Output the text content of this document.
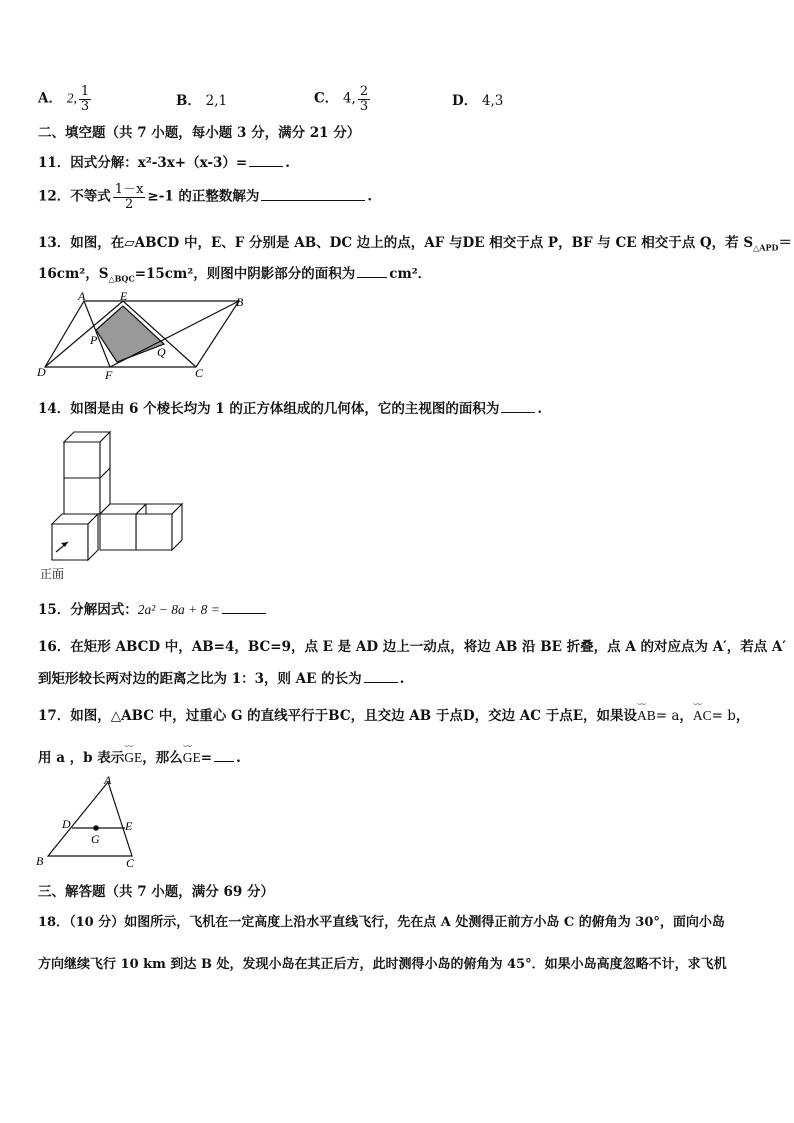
A． 2, $\frac{1}{3}$	B． 2,1	C． 4, $\frac{2}{3}$	D． 4,3
二、填空题（共 7 小题，每小题 3 分，满分 21 分）
11．因式分解：x²-3x+（x-3）=	.
12．不等式 $\frac{1-x}{2} \ge-1$ 的正整数解为	.
13．如图，在▱ABCD 中，E、F 分别是 AB、DC 边上的点，AF 与DE 相交于点 P，BF 与 CE 相交于点 Q，若 $S_{\triangle APD}=$
16cm²，$S_{\triangle BQC}=15cm^2$，则图中阴影部分的面积为	cm²．
A	E	B
P
Q
D	F	C
14．如图是由 6 个棱长均为 1 的正方体组成的几何体，它的主视图的面积为	.
正面
15．分解因式：2a² − 8a + 8 =
16．在矩形 ABCD 中，AB=4，BC=9，点 E 是 AD 边上一动点，将边 AB 沿 BE 折叠，点 A 的对应点为 A′，若点 A′
到矩形较长两对边的距离之比为 1：3，则 AE 的长为	.
17．如图，△ABC 中，过重心 G 的直线平行于BC，且交边 AB 于点D，交边 AC 于点E，如果设⌣⌣ AB= a，⌣⌣ AC= b，
用 a ，b 表示⌣⌣ GE，那么⌣⌣ GE= .
A
D	E
G
B	C
三、解答题（共 7 小题，满分 69 分）
18．（10 分）如图所示，飞机在一定高度上沿水平直线飞行，先在点 A 处测得正前方小岛 C 的俯角为 30°，面向小岛
方向继续飞行 10 km 到达 B 处，发现小岛在其正后方，此时测得小岛的俯角为 45°．如果小岛高度忽略不计，求飞机
